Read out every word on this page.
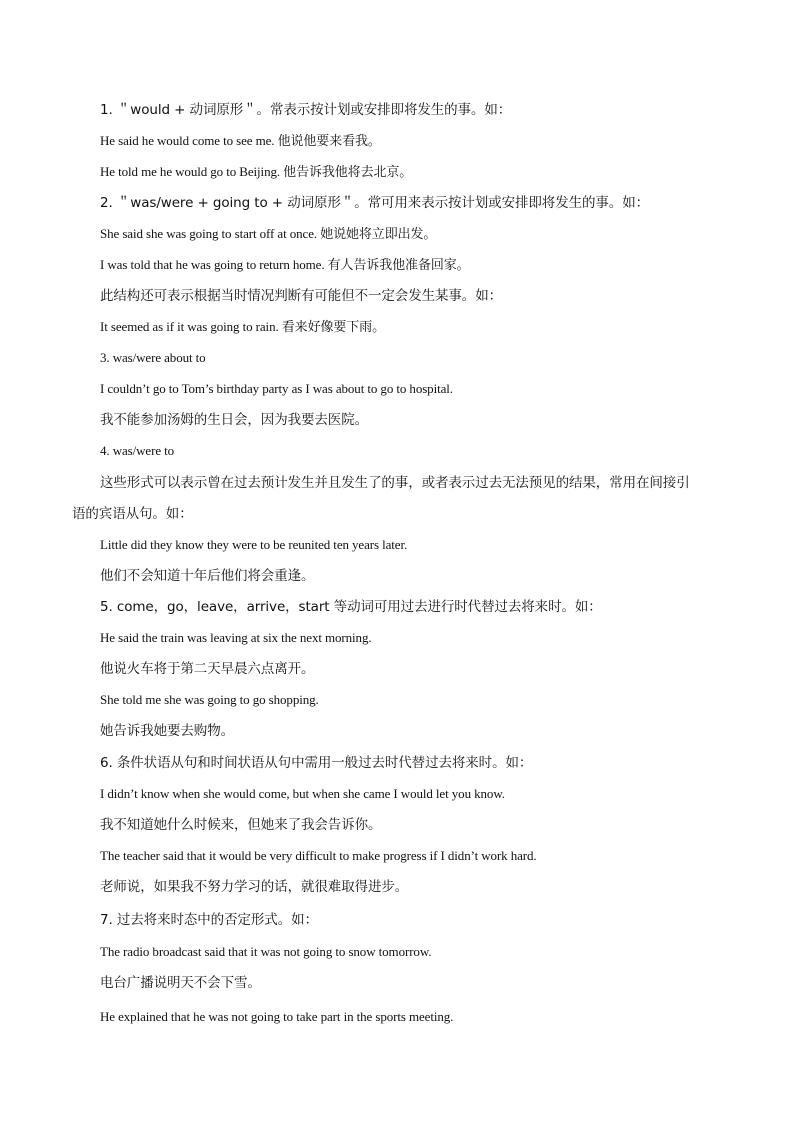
1. ＂would + 动词原形＂。常表示按计划或安排即将发生的事。如：
He said he would come to see me. 他说他要来看我。
He told me he would go to Beijing. 他告诉我他将去北京。
2. ＂was/were + going to + 动词原形＂。常可用来表示按计划或安排即将发生的事。如：
She said she was going to start off at once. 她说她将立即出发。
I was told that he was going to return home. 有人告诉我他准备回家。
此结构还可表示根据当时情况判断有可能但不一定会发生某事。如：
It seemed as if it was going to rain. 看来好像要下雨。
3. was/were about to
I couldn’t go to Tom’s birthday party as I was about to go to hospital.
我不能参加汤姆的生日会，因为我要去医院。
4. was/were to
这些形式可以表示曾在过去预计发生并且发生了的事，或者表示过去无法预见的结果，常用在间接引
语的宾语从句。如：
Little did they know they were to be reunited ten years later.
他们不会知道十年后他们将会重逢。
5. come，go，leave，arrive，start 等动词可用过去进行时代替过去将来时。如：
He said the train was leaving at six the next morning.
他说火车将于第二天早晨六点离开。
She told me she was going to go shopping.
她告诉我她要去购物。
6. 条件状语从句和时间状语从句中需用一般过去时代替过去将来时。如：
I didn’t know when she would come, but when she came I would let you know.
我不知道她什么时候来，但她来了我会告诉你。
The teacher said that it would be very difficult to make progress if I didn’t work hard.
老师说，如果我不努力学习的话，就很难取得进步。
7. 过去将来时态中的否定形式。如：
The radio broadcast said that it was not going to snow tomorrow.
电台广播说明天不会下雪。
He explained that he was not going to take part in the sports meeting.
